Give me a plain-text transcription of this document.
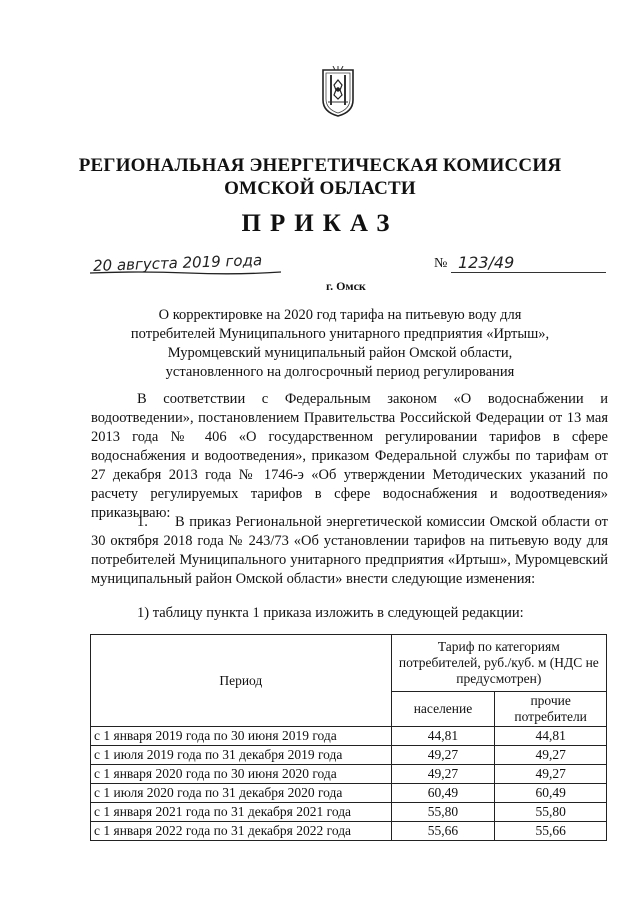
РЕГИОНАЛЬНАЯ ЭНЕРГЕТИЧЕСКАЯ КОМИССИЯ
ОМСКОЙ ОБЛАСТИ
ПРИКАЗ
20 августа 2019 года
г. Омск
№ 123/49
О корректировке на 2020 год тарифа на питьевую воду для
потребителей Муниципального унитарного предприятия «Иртыш»,
Муромцевский муниципальный район Омской области,
установленного на долгосрочный период регулирования

В соответствии с Федеральным законом «О водоснабжении и водоотведении», постановлением Правительства Российской Федерации от 13 мая 2013 года № 406 «О государственном регулировании тарифов в сфере водоснабжения и водоотведения», приказом Федеральной службы по тарифам от 27 декабря 2013 года № 1746-э «Об утверждении Методических указаний по расчету регулируемых тарифов в сфере водоснабжения и водоотведения» приказываю:

1.      В приказ Региональной энергетической комиссии Омской области от 30 октября 2018 года № 243/73 «Об установлении тарифов на питьевую воду для потребителей Муниципального унитарного предприятия «Иртыш», Муромцевский муниципальный район Омской области» внести следующие изменения:

1) таблицу пункта 1 приказа изложить в следующей редакции:

Период	Тариф по категориям потребителей, руб./куб. м (НДС не предусмотрен)	
	население	прочие потребители
с 1 января 2019 года по 30 июня 2019 года	44,81	44,81
с 1 июля 2019 года по 31 декабря 2019 года	49,27	49,27
с 1 января 2020 года по 30 июня 2020 года	49,27	49,27
с 1 июля 2020 года по 31 декабря 2020 года	60,49	60,49
с 1 января 2021 года по 31 декабря 2021 года	55,80	55,80
с 1 января 2022 года по 31 декабря 2022 года	55,66	55,66
